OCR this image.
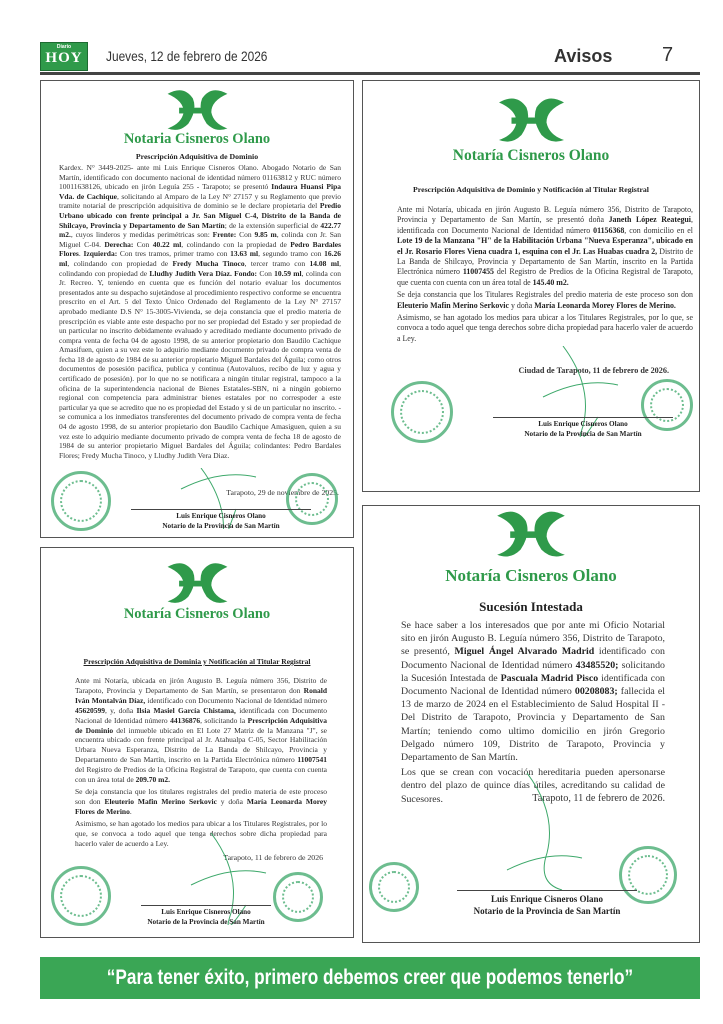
Diario
HOY	Jueves, 12 de febrero de 2026	Avisos 7
Notaria Cisneros Olano
Prescripción Adquisitiva de Dominio

Kardex. N° 3449-2025- ante mi Luis Enrique Cisneros Olano. Abogado Notario de San Martín, identificado con documento nacional de identidad número 01163812 y RUC número 10011638126, ubicado en jirón Leguía 255 - Tarapoto; se presentó Indaura Huansi Pipa Vda. de Cachique, solicitando al Amparo de la Ley N° 27157 y su Reglamento que previo tramite notarial de prescripción adquisitiva de dominio se le declare propietaria del Predio Urbano ubicado con frente principal a Jr. San Miguel C-4, Distrito de la Banda de Shilcayo, Provincia y Departamento de San Martín; de la extensión superficial de 422.77 m2., cuyos linderos y medidas perimétricas son: Frente: Con 9.85 m, colinda con Jr. San Miguel C-04. Derecha: Con 40.22 ml, colindando con la propiedad de Pedro Bardales Flores. Izquierda: Con tres tramos, primer tramo con 13.63 ml, segundo tramo con 16.26 ml, colindando con propiedad de Fredy Mucha Tinoco, tercer tramo con 14.08 ml, colindando con propiedad de Lludhy Judith Vera Díaz. Fondo: Con 10.59 ml, colinda con Jr. Recreo. Y, teniendo en cuenta que es función del notario evaluar los documentos presentados ante su despacho sujetándose al procedimiento respectivo conforme se encuentra prescrito en el Art. 5 del Texto Único Ordenado del Reglamento de la Ley N° 27157 aprobado mediante D.S N° 15-3005-Vivienda, se deja constancia que el predio materia de prescripción es viable ante este despacho por no ser propiedad del Estado y ser propiedad de un particular no inscrito debidamente evaluado y acreditado mediante documento privado de compra venta de fecha 04 de agosto 1998, de su anterior propietario don Baudilo Cachique Amasifuen, quien a su vez este lo adquirio mediante documento privado de compra venta de fecha 18 de agosto de 1984 de su anterior propietario Miguel Bardales del Águila; como otros documentos de posesión pacifica, publica y continua (Autovaluos, recibo de luz y agua y certificado de posesión). por lo que no se notificara a ningún titular registral, tampoco a la oficina de la superintendencia nacional de Bienes Estatales-SBN, ni a ningún gobierno regional con competencia para administrar bienes estatales por no correspoder a este particular ya que se acredito que no es propiedad del Estado y si de un particular no inscrito. - se comunica a los inmediatos transferentes del documento privado de compra venta de fecha 04 de agosto 1998, de su anterior propietario don Baudilo Cachique Amasiguen, quien a su vez este lo adquirio mediante documento privado de compra venta de fecha 18 de agosto de 1984 de su anterior propietario Miguel Bardales del Águila; colindantes: Pedro Bardales Flores; Fredy Mucha Tinoco, y Lludhy Judith Vera Diaz.

Tarapoto, 29 de noviembre de 2025.
Luis Enrique Cisneros Olano
Notario de la Provincia de San Martín
Notaría Cisneros Olano
Prescripción Adquisitiva de Dominio y Notificación al Titular Registral

Ante mi Notaría, ubicada en jirón Augusto B. Leguía número 356, Distrito de Tarapoto, Provincia y Departamento de San Martín, se presentó doña Janeth López Reategui, identificada con Documento Nacional de Identidad número 01156368, con domicilio en el Lote 19 de la Manzana "H" de la Habilitación Urbana "Nueva Esperanza", ubicado en el Jr. Rosario Flores Viena cuadra 1, esquina con el Jr. Las Huabas cuadra 2, Distrito de La Banda de Shilcayo, Provincia y Departamento de San Martín, inscrito en la Partida Electrónica número 11007455 del Registro de Predios de la Oficina Registral de Tarapoto, que cuenta con cuenta con un área total de 145.40 m2.

Se deja constancia que los Titulares Registrales del predio materia de este proceso son don Eleuterio Mafin Merino Serkovic y doña María Leonarda Morey Flores de Merino.

Asimismo, se han agotado los medios para ubicar a los Titulares Registrales, por lo que, se convoca a todo aquel que tenga derechos sobre dicha propiedad para hacerlo valer de acuerdo a Ley.

Ciudad de Tarapoto, 11 de febrero de 2026.
Luis Enrique Cisneros Olano
Notario de la Provincia de San Martín
Notaría Cisneros Olano
Prescripción Adquisitiva de Dominia y Notificación al Titular Registral

Ante mi Notaría, ubicada en jirón Augusto B. Leguía número 356, Distrito de Tarapoto, Provincia y Departamento de San Martín, se presentaron don Ronald Iván Montalván Díaz, identificado con Documento Nacional de Identidad número 45620599, y, doña Ilsia Masiel García Chistama, identificada con Documento Nacional de Identidad número 44136876, solicitando la Prescripción Adquisitiva de Dominio del inmueble ubicado en El Lote 27 Matriz de la Manzana "J", se encuentra ubicado con frente principal al Jr. Atahualpa C-05, Sector Habilitación Urbara Nueva Esperanza, Distrito de La Banda de Shilcayo, Provincia y Departamento de San Martín, inscrito en la Partida Electrónica número 11007541 del Registro de Predios de la Oficina Registral de Tarapoto, que cuenta con cuenta con un área total de 209.70 m2.

Se deja constancia que los titulares registrales del predio materia de este proceso son don Eleuterio Mafin Merino Serkovic y doña María Leonarda Morey Flores de Merino.

Asimismo, se han agotado los medios para ubicar a los Titulares Registrales, por lo que, se convoca a todo aquel que tenga derechos sobre dicha propiedad para hacerlo valer de acuerdo a Ley.

Tarapoto, 11 de febrero de 2026
Luis Enrique Cisneros Olano
Notario de la Provincia de San Martín
Notaría Cisneros Olano
Sucesión Intestada

Se hace saber a los interesados que por ante mi Oficio Notarial sito en jirón Augusto B. Leguía número 356, Distrito de Tarapoto, se presentó, Miguel Ángel Alvarado Madrid identificado con Documento Nacional de Identidad número 43485520; solicitando la Sucesión Intestada de Pascuala Madrid Pisco identificada con Documento Nacional de Identidad número 00208083; fallecida el 13 de marzo de 2024 en el Establecimiento de Salud Hospital II - Del Distrito de Tarapoto, Provincia y Departamento de San Martín; teniendo como ultimo domicilio en jirón Gregorio Delgado número 109, Distrito de Tarapoto, Provincia y Departamento de San Martín.

Los que se crean con vocación hereditaria pueden apersonarse dentro del plazo de quince días útiles, acreditando su calidad de Sucesores.	Tarapoto, 11 de febrero de 2026.
Luis Enrique Cisneros Olano
Notario de la Provincia de San Martín
“Para tener éxito, primero debemos creer que podemos tenerlo”
